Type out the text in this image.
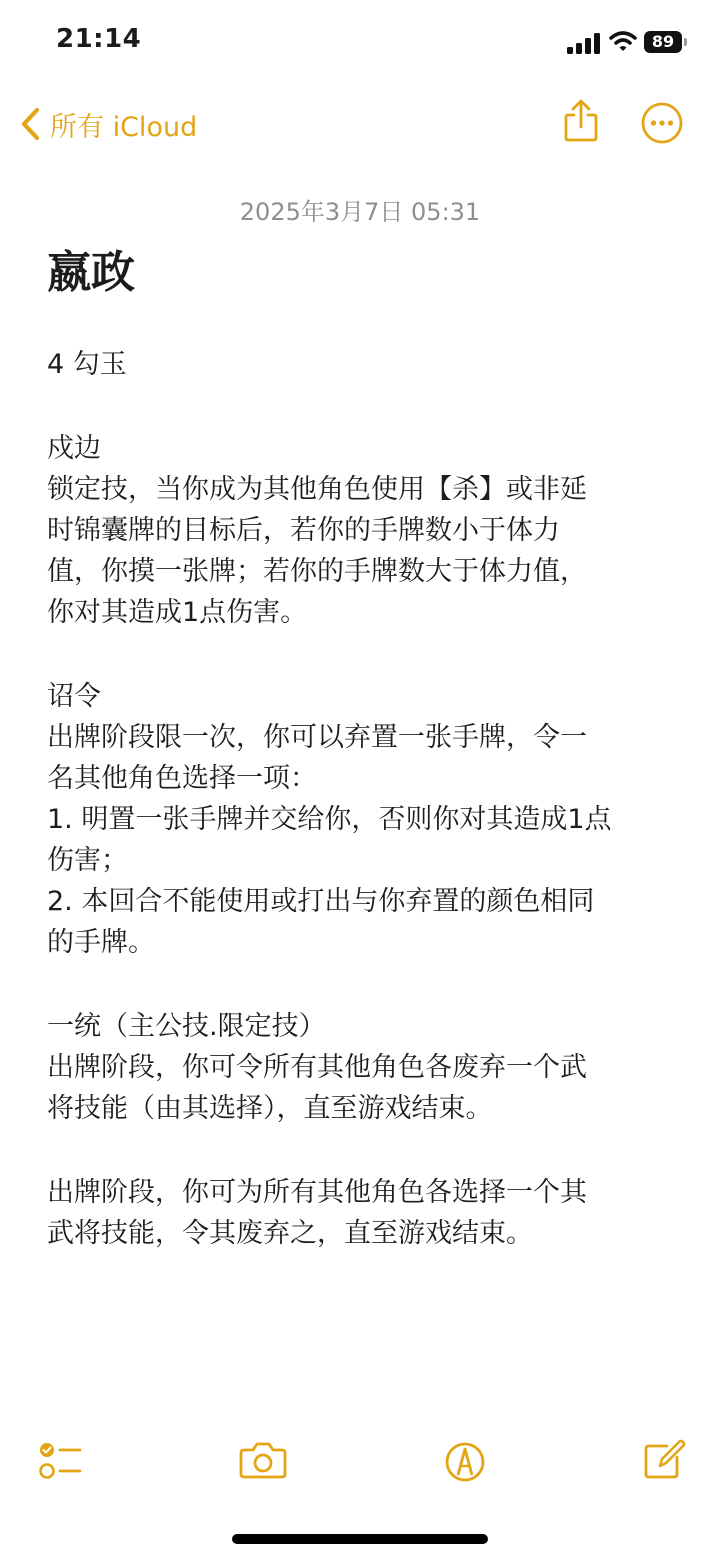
21:14	89
所有 iCloud
2025年3月7日 05:31
嬴政
4 勾玉
戍边
锁定技，当你成为其他角色使用【杀】或非延
时锦囊牌的目标后，若你的手牌数小于体力
值，你摸一张牌；若你的手牌数大于体力值，
你对其造成1点伤害。
诏令
出牌阶段限一次，你可以弃置一张手牌，令一
名其他角色选择一项：
1. 明置一张手牌并交给你，否则你对其造成1点
伤害；
2. 本回合不能使用或打出与你弃置的颜色相同
的手牌。
一统（主公技.限定技）
出牌阶段，你可令所有其他角色各废弃一个武
将技能（由其选择），直至游戏结束。
出牌阶段，你可为所有其他角色各选择一个其
武将技能，令其废弃之，直至游戏结束。
